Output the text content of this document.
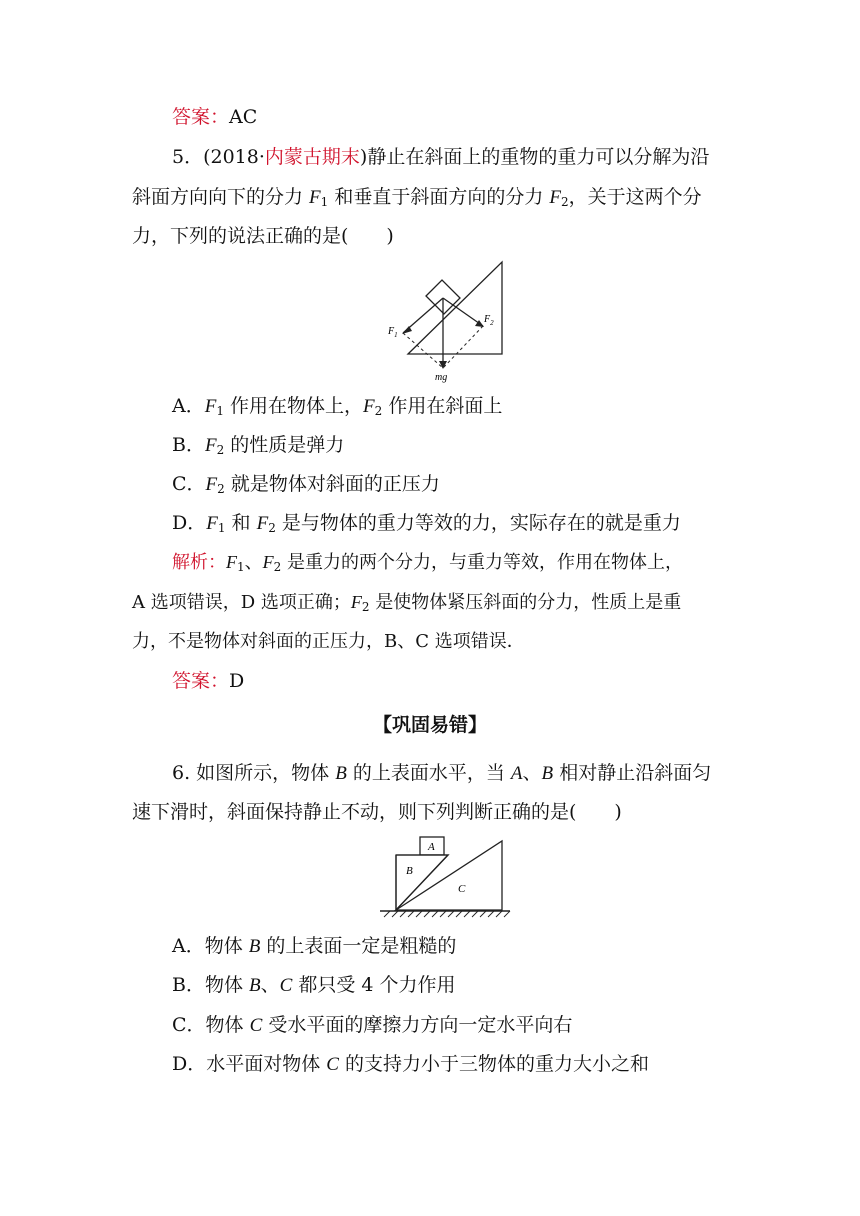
答案：AC
5．(2018·内蒙古期末)静止在斜面上的重物的重力可以分解为沿
斜面方向向下的分力 $F_1$ 和垂直于斜面方向的分力 $F_2$，关于这两个分
力，下列的说法正确的是(　　)
$F_1$
$F_2$
mg
A．$F_1$ 作用在物体上，$F_2$ 作用在斜面上
B．$F_2$ 的性质是弹力
C．$F_2$ 就是物体对斜面的正压力
D．$F_1$ 和 $F_2$ 是与物体的重力等效的力，实际存在的就是重力
解析：$F_1$、$F_2$ 是重力的两个分力，与重力等效，作用在物体上，
A 选项错误，D 选项正确；$F_2$ 是使物体紧压斜面的分力，性质上是重
力，不是物体对斜面的正压力，B、C 选项错误．
答案：D
【巩固易错】
6. 如图所示，物体 B 的上表面水平，当 A、B 相对静止沿斜面匀
速下滑时，斜面保持静止不动，则下列判断正确的是(　　)
A
B
C
A．物体 B 的上表面一定是粗糙的
B．物体 B、C 都只受 4 个力作用
C．物体 C 受水平面的摩擦力方向一定水平向右
D．水平面对物体 C 的支持力小于三物体的重力大小之和
